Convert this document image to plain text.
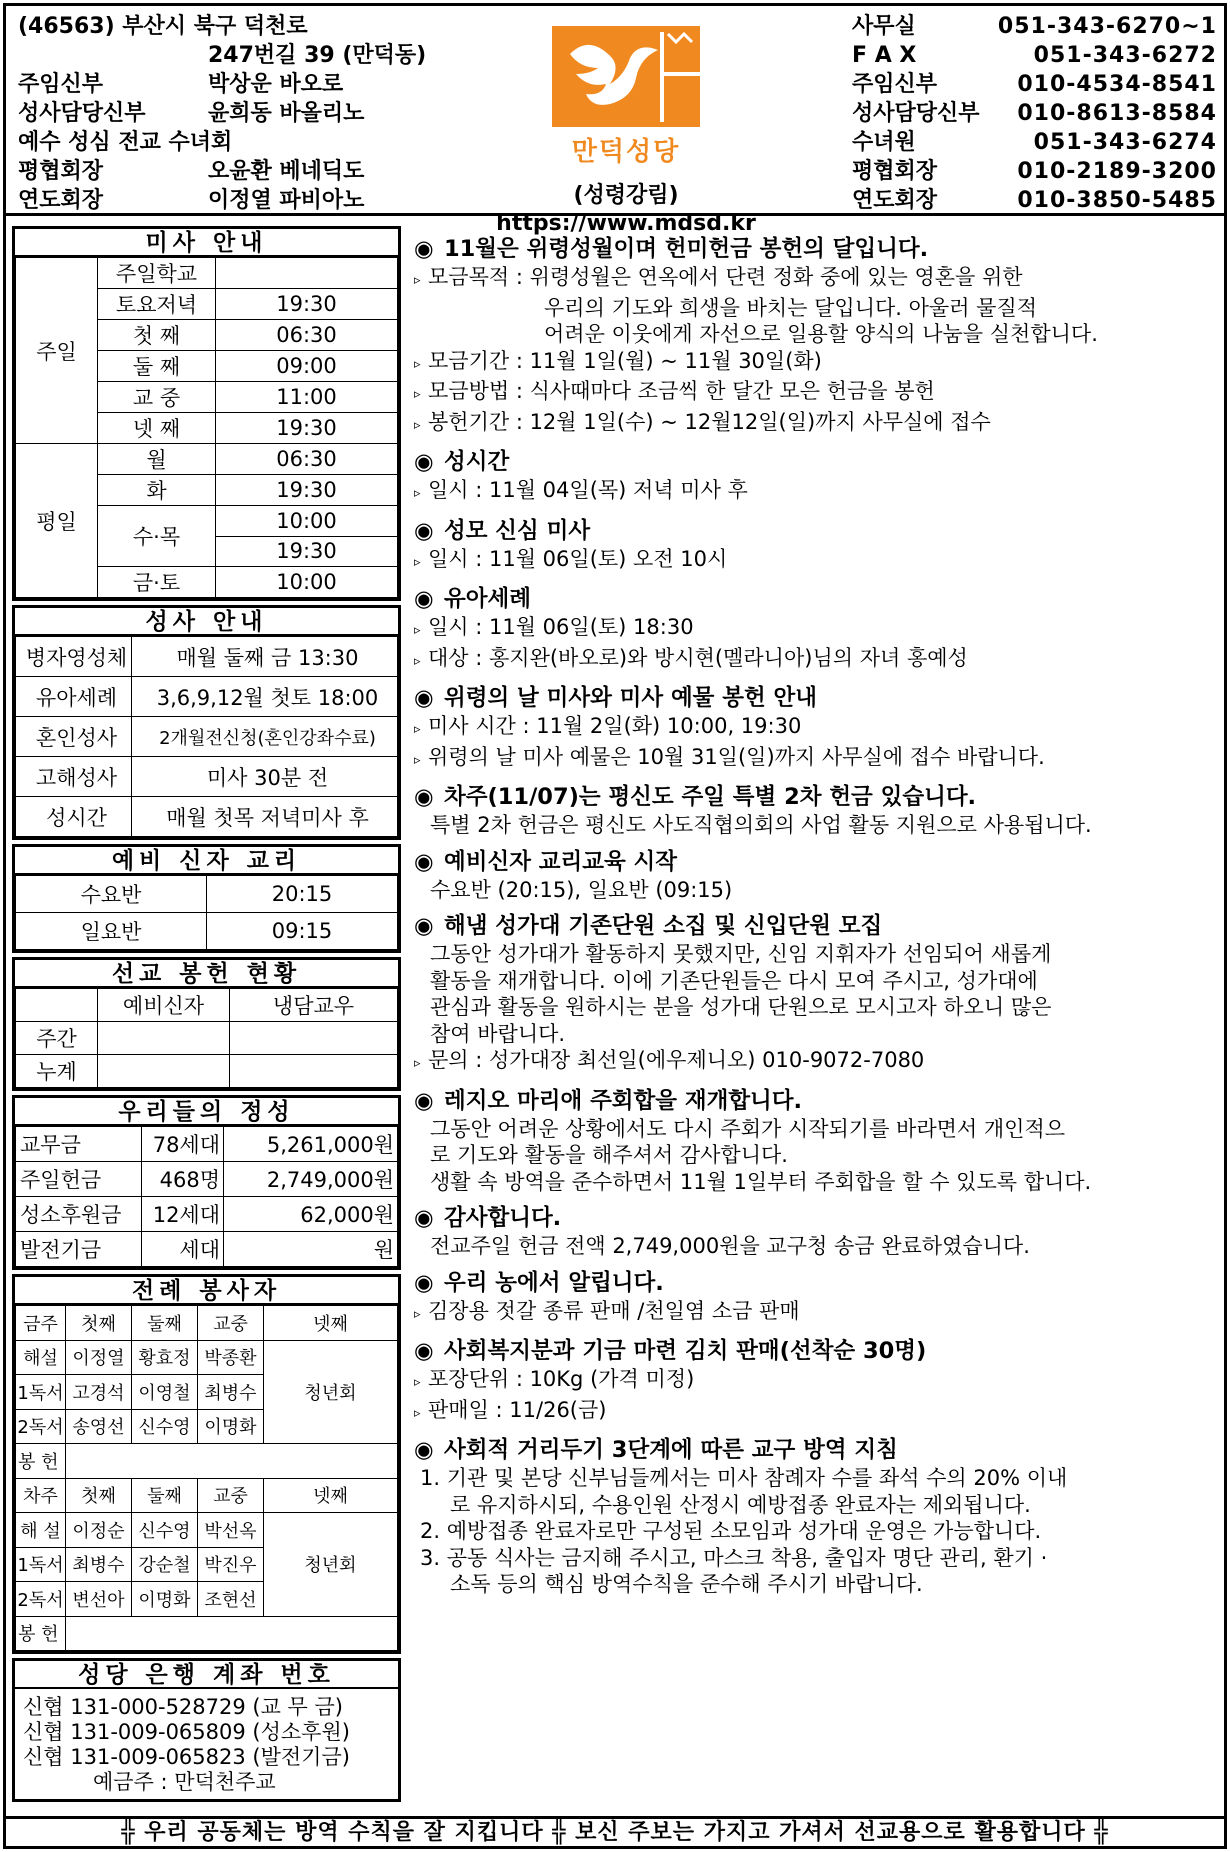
(46563) 부산시 북구 덕천로
247번길 39 (만덕동)
주임신부	박상운 바오로
성사담당신부	윤희동 바올리노
예수 성심 전교 수녀회
평협회장	오윤환 베네딕도
연도회장	이정열 파비아노
만덕성당
(성령강림)
https://www.mdsd.kr
사무실	051-343-6270~1
F A X	051-343-6272
주임신부	010-4534-8541
성사담당신부 010-8613-8584
수녀원	051-343-6274
평협회장	010-2189-3200
연도회장	010-3850-5485
미사 안내
주일	주일학교	
	토요저녁	19:30
	첫 째	06:30
	둘 째	09:00
	교 중	11:00
	넷 째	19:30
평일	월	06:30
	화	19:30
	수·목	10:00
		19:30
	금·토	10:00
성사 안내
병자영성체	매월 둘째 금 13:30
유아세례	3,6,9,12월 첫토 18:00
혼인성사	2개월전신청(혼인강좌수료)
고해성사	미사 30분 전
성시간	매월 첫목 저녁미사 후
예비 신자 교리
수요반	20:15
일요반	09:15
선교 봉헌 현황
	예비신자	냉담교우
주간		
누계		
우리들의 정성
교무금	78세대	5,261,000원
주일헌금	468명	2,749,000원
성소후원금	12세대	62,000원
발전기금	세대	원
전례 봉사자
금주	첫째	둘째	교중	넷째
해설	이정열	황효정	박종환	청년회
1독서	고경석	이영철	최병수	
2독서	송영선	신수영	이명화	
봉 헌				
차주	첫째	둘째	교중	넷째
해 설	이정순	신수영	박선옥	청년회
1독서	최병수	강순철	박진우	
2독서	변선아	이명화	조현선	
봉 헌				
성당 은행 계좌 번호
신협 131-000-528729 (교 무 금)
신협 131-009-065809 (성소후원)
신협 131-009-065823 (발전기금)
예금주 : 만덕천주교
◉ 11월은 위령성월이며 헌미헌금 봉헌의 달입니다.
▹ 모금목적 : 위령성월은 연옥에서 단련 정화 중에 있는 영혼을 위한
우리의 기도와 희생을 바치는 달입니다. 아울러 물질적
어려운 이웃에게 자선으로 일용할 양식의 나눔을 실천합니다.
▹ 모금기간 : 11월 1일(월) ~ 11월 30일(화)
▹ 모금방법 : 식사때마다 조금씩 한 달간 모은 헌금을 봉헌
▹ 봉헌기간 : 12월 1일(수) ~ 12월12일(일)까지 사무실에 접수
◉ 성시간
▹ 일시 : 11월 04일(목) 저녁 미사 후
◉ 성모 신심 미사
▹ 일시 : 11월 06일(토) 오전 10시
◉ 유아세례
▹ 일시 : 11월 06일(토) 18:30
▹ 대상 : 홍지완(바오로)와 방시현(멜라니아)님의 자녀 홍예성
◉ 위령의 날 미사와 미사 예물 봉헌 안내
▹ 미사 시간 : 11월 2일(화) 10:00, 19:30
▹ 위령의 날 미사 예물은 10월 31일(일)까지 사무실에 접수 바랍니다.
◉ 차주(11/07)는 평신도 주일 특별 2차 헌금 있습니다.
특별 2차 헌금은 평신도 사도직협의회의 사업 활동 지원으로 사용됩니다.
◉ 예비신자 교리교육 시작
수요반 (20:15), 일요반 (09:15)
◉ 해냄 성가대 기존단원 소집 및 신입단원 모집
그동안 성가대가 활동하지 못했지만, 신임 지휘자가 선임되어 새롭게
활동을 재개합니다. 이에 기존단원들은 다시 모여 주시고, 성가대에
관심과 활동을 원하시는 분을 성가대 단원으로 모시고자 하오니 많은
참여 바랍니다.
▹ 문의 : 성가대장 최선일(에우제니오) 010-9072-7080
◉ 레지오 마리애 주회합을 재개합니다.
그동안 어려운 상황에서도 다시 주회가 시작되기를 바라면서 개인적으
로 기도와 활동을 해주셔서 감사합니다.
생활 속 방역을 준수하면서 11월 1일부터 주회합을 할 수 있도록 합니다.
◉ 감사합니다.
전교주일 헌금 전액 2,749,000원을 교구청 송금 완료하였습니다.
◉ 우리 농에서 알립니다.
▹ 김장용 젓갈 종류 판매 /천일염 소금 판매
◉ 사회복지분과 기금 마련 김치 판매(선착순 30명)
▹ 포장단위 : 10Kg (가격 미정)
▹ 판매일 : 11/26(금)
◉ 사회적 거리두기 3단계에 따른 교구 방역 지침
1. 기관 및 본당 신부님들께서는 미사 참례자 수를 좌석 수의 20% 이내
로 유지하시되, 수용인원 산정시 예방접종 완료자는 제외됩니다.
2. 예방접종 완료자로만 구성된 소모임과 성가대 운영은 가능합니다.
3. 공동 식사는 금지해 주시고, 마스크 착용, 출입자 명단 관리, 환기 ·
소독 등의 핵심 방역수칙을 준수해 주시기 바랍니다.
╬ 우리 공동체는 방역 수칙을 잘 지킵니다 ╬ 보신 주보는 가지고 가셔서 선교용으로 활용합니다 ╬
